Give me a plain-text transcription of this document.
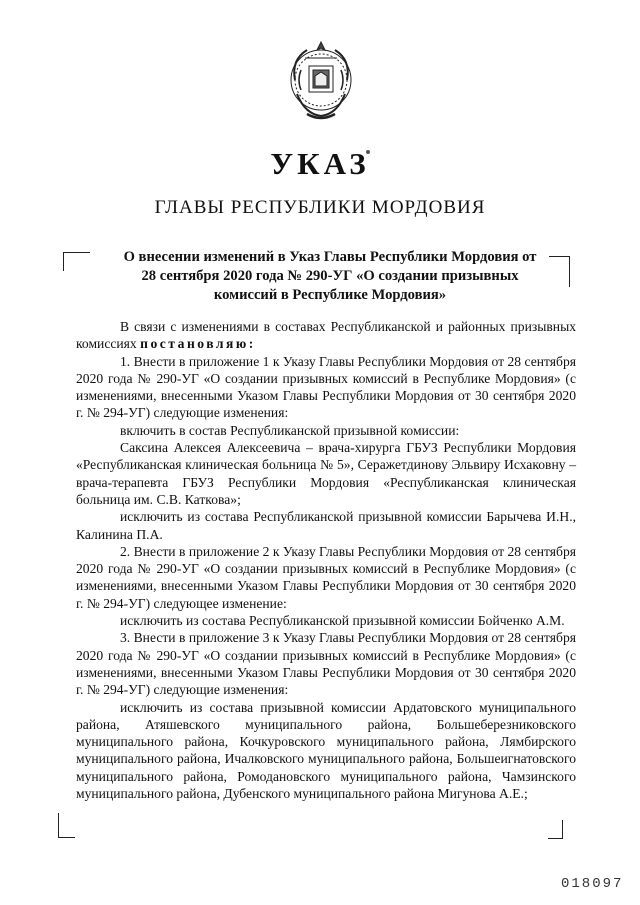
УКАЗ
ГЛАВЫ РЕСПУБЛИКИ МОРДОВИЯ
О внесении изменений в Указ Главы Республики Мордовия от 28 сентября 2020 года № 290-УГ «О создании призывных комиссий в Республике Мордовия»

В связи с изменениями в составах Республиканской и районных призывных комиссиях постановляю:

1. Внести в приложение 1 к Указу Главы Республики Мордовия от 28 сентября 2020 года № 290-УГ «О создании призывных комиссий в Республике Мордовия» (с изменениями, внесенными Указом Главы Республики Мордовия от 30 сентября 2020 г. № 294-УГ) следующие изменения:

включить в состав Республиканской призывной комиссии:

Саксина Алексея Алексеевича – врача-хирурга ГБУЗ Республики Мордовия «Республиканская клиническая больница № 5», Серажетдинову Эльвиру Исхаковну – врача-терапевта ГБУЗ Республики Мордовия «Республиканская клиническая больница им. С.В. Каткова»;

исключить из состава Республиканской призывной комиссии Барычева И.Н., Калинина П.А.

2. Внести в приложение 2 к Указу Главы Республики Мордовия от 28 сентября 2020 года № 290-УГ «О создании призывных комиссий в Республике Мордовия» (с изменениями, внесенными Указом Главы Республики Мордовия от 30 сентября 2020 г. № 294-УГ) следующее изменение:

исключить из состава Республиканской призывной комиссии Бойченко А.М.

3. Внести в приложение 3 к Указу Главы Республики Мордовия от 28 сентября 2020 года № 290-УГ «О создании призывных комиссий в Республике Мордовия» (с изменениями, внесенными Указом Главы Республики Мордовия от 30 сентября 2020 г. № 294-УГ) следующие изменения:

исключить из состава призывной комиссии Ардатовского муниципального района, Атяшевского муниципального района, Большеберезниковского муниципального района, Кочкуровского муниципального района, Лямбирского муниципального района, Ичалковского муниципального района, Большеигнатовского муниципального района, Ромодановского муниципального района, Чамзинского муниципального района, Дубенского муниципального района Мигунова А.Е.;

018097
